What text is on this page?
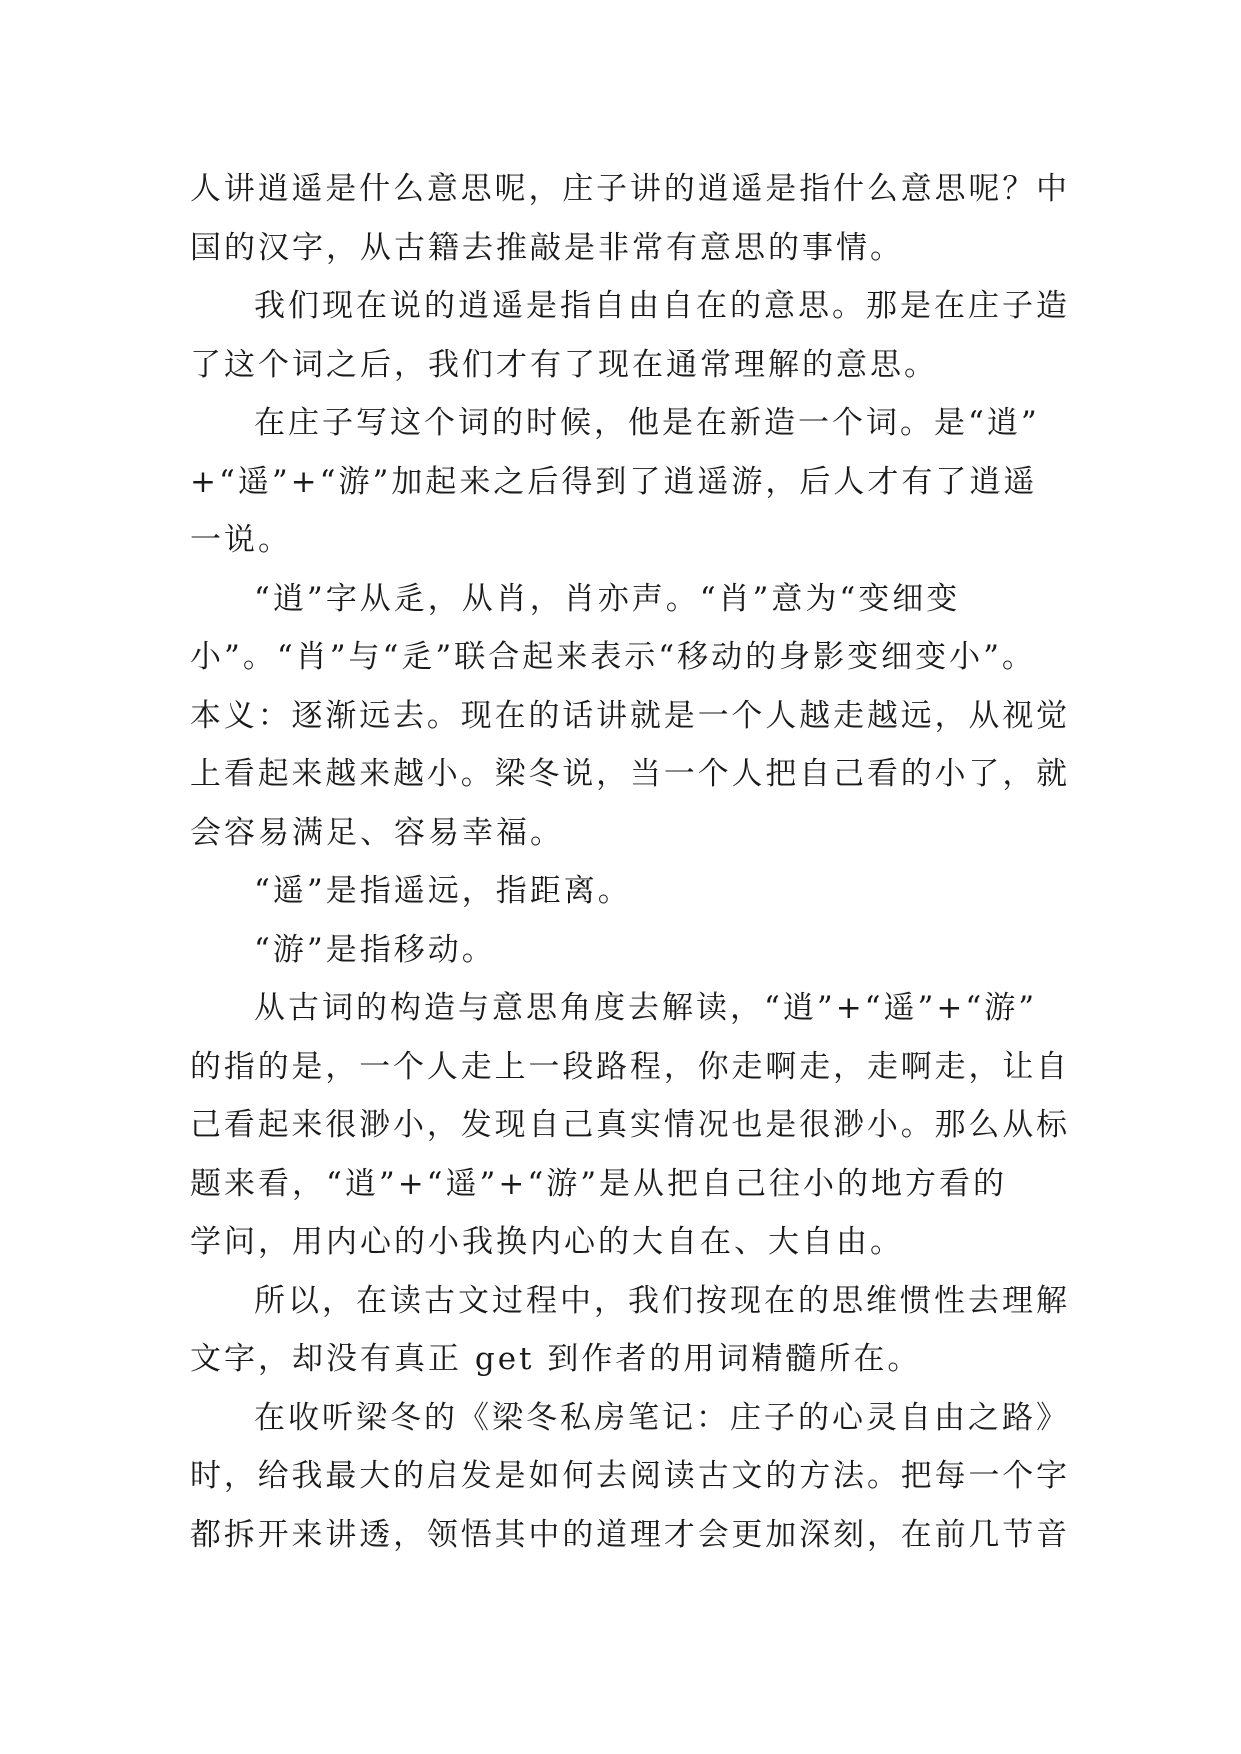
人讲逍遥是什么意思呢，庄子讲的逍遥是指什么意思呢？中
国的汉字，从古籍去推敲是非常有意思的事情。
我们现在说的逍遥是指自由自在的意思。那是在庄子造
了这个词之后，我们才有了现在通常理解的意思。
在庄子写这个词的时候，他是在新造一个词。是“逍”
+“遥”+“游”加起来之后得到了逍遥游，后人才有了逍遥
一说。
“逍”字从辵，从肖，肖亦声。“肖”意为“变细变
小”。“肖”与“辵”联合起来表示“移动的身影变细变小”。
本义：逐渐远去。现在的话讲就是一个人越走越远，从视觉
上看起来越来越小。梁冬说，当一个人把自己看的小了，就
会容易满足、容易幸福。
“遥”是指遥远，指距离。
“游”是指移动。
从古词的构造与意思角度去解读，“逍”+“遥”+“游”
的指的是，一个人走上一段路程，你走啊走，走啊走，让自
己看起来很渺小，发现自己真实情况也是很渺小。那么从标
题来看，“逍”+“遥”+“游”是从把自己往小的地方看的
学问，用内心的小我换内心的大自在、大自由。
所以，在读古文过程中，我们按现在的思维惯性去理解
文字，却没有真正 get 到作者的用词精髓所在。
在收听梁冬的《梁冬私房笔记：庄子的心灵自由之路》
时，给我最大的启发是如何去阅读古文的方法。把每一个字
都拆开来讲透，领悟其中的道理才会更加深刻，在前几节音
